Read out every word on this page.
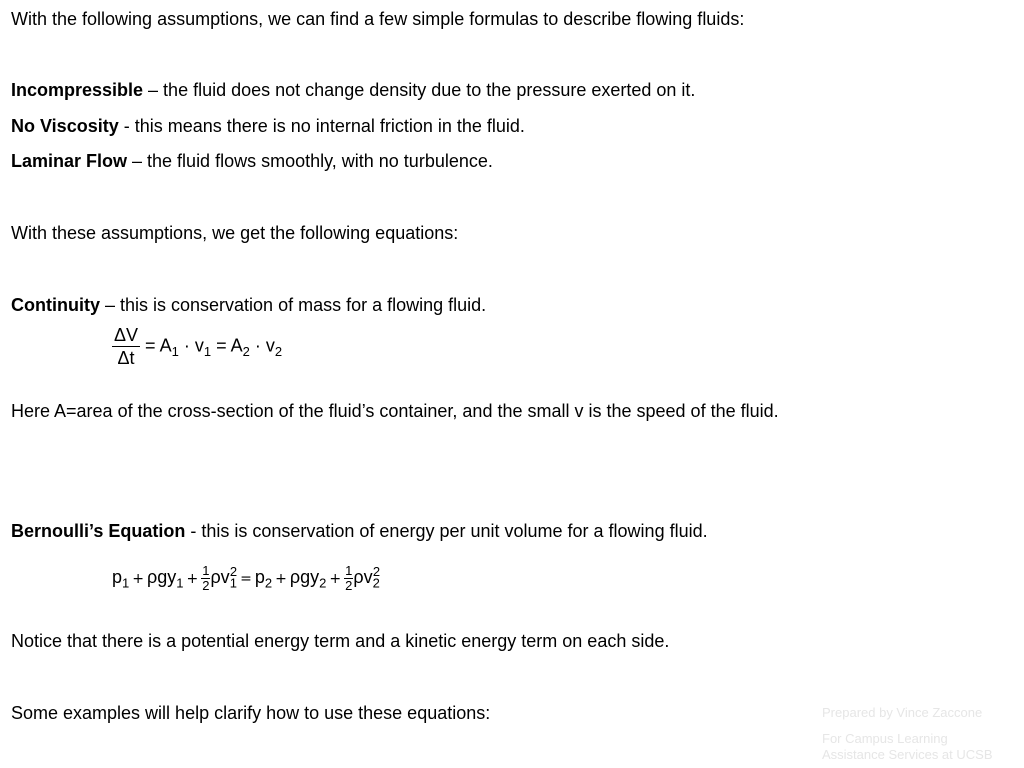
With the following assumptions, we can find a few simple formulas to describe flowing fluids:
Incompressible – the fluid does not change density due to the pressure exerted on it.
No Viscosity - this means there is no internal friction in the fluid.
Laminar Flow – the fluid flows smoothly, with no turbulence.
With these assumptions, we get the following equations:
Continuity – this is conservation of mass for a flowing fluid.
$\frac{\Delta V}{\Delta t} = A_1 \cdot v_1 = A_2 \cdot v_2$
Here A=area of the cross-section of the fluid’s container, and the small v is the speed of the fluid.
Bernoulli’s Equation - this is conservation of energy per unit volume for a flowing fluid.
$p_1 + \rho gy_1 + \frac{1}{2} \rho v_1^2 = p_2 + \rho gy_2 + \frac{1}{2} \rho v_2^2$
Notice that there is a potential energy term and a kinetic energy term on each side.
Some examples will help clarify how to use these equations:	Prepared by Vince Zaccone
For Campus Learning
Assistance Services at UCSB
